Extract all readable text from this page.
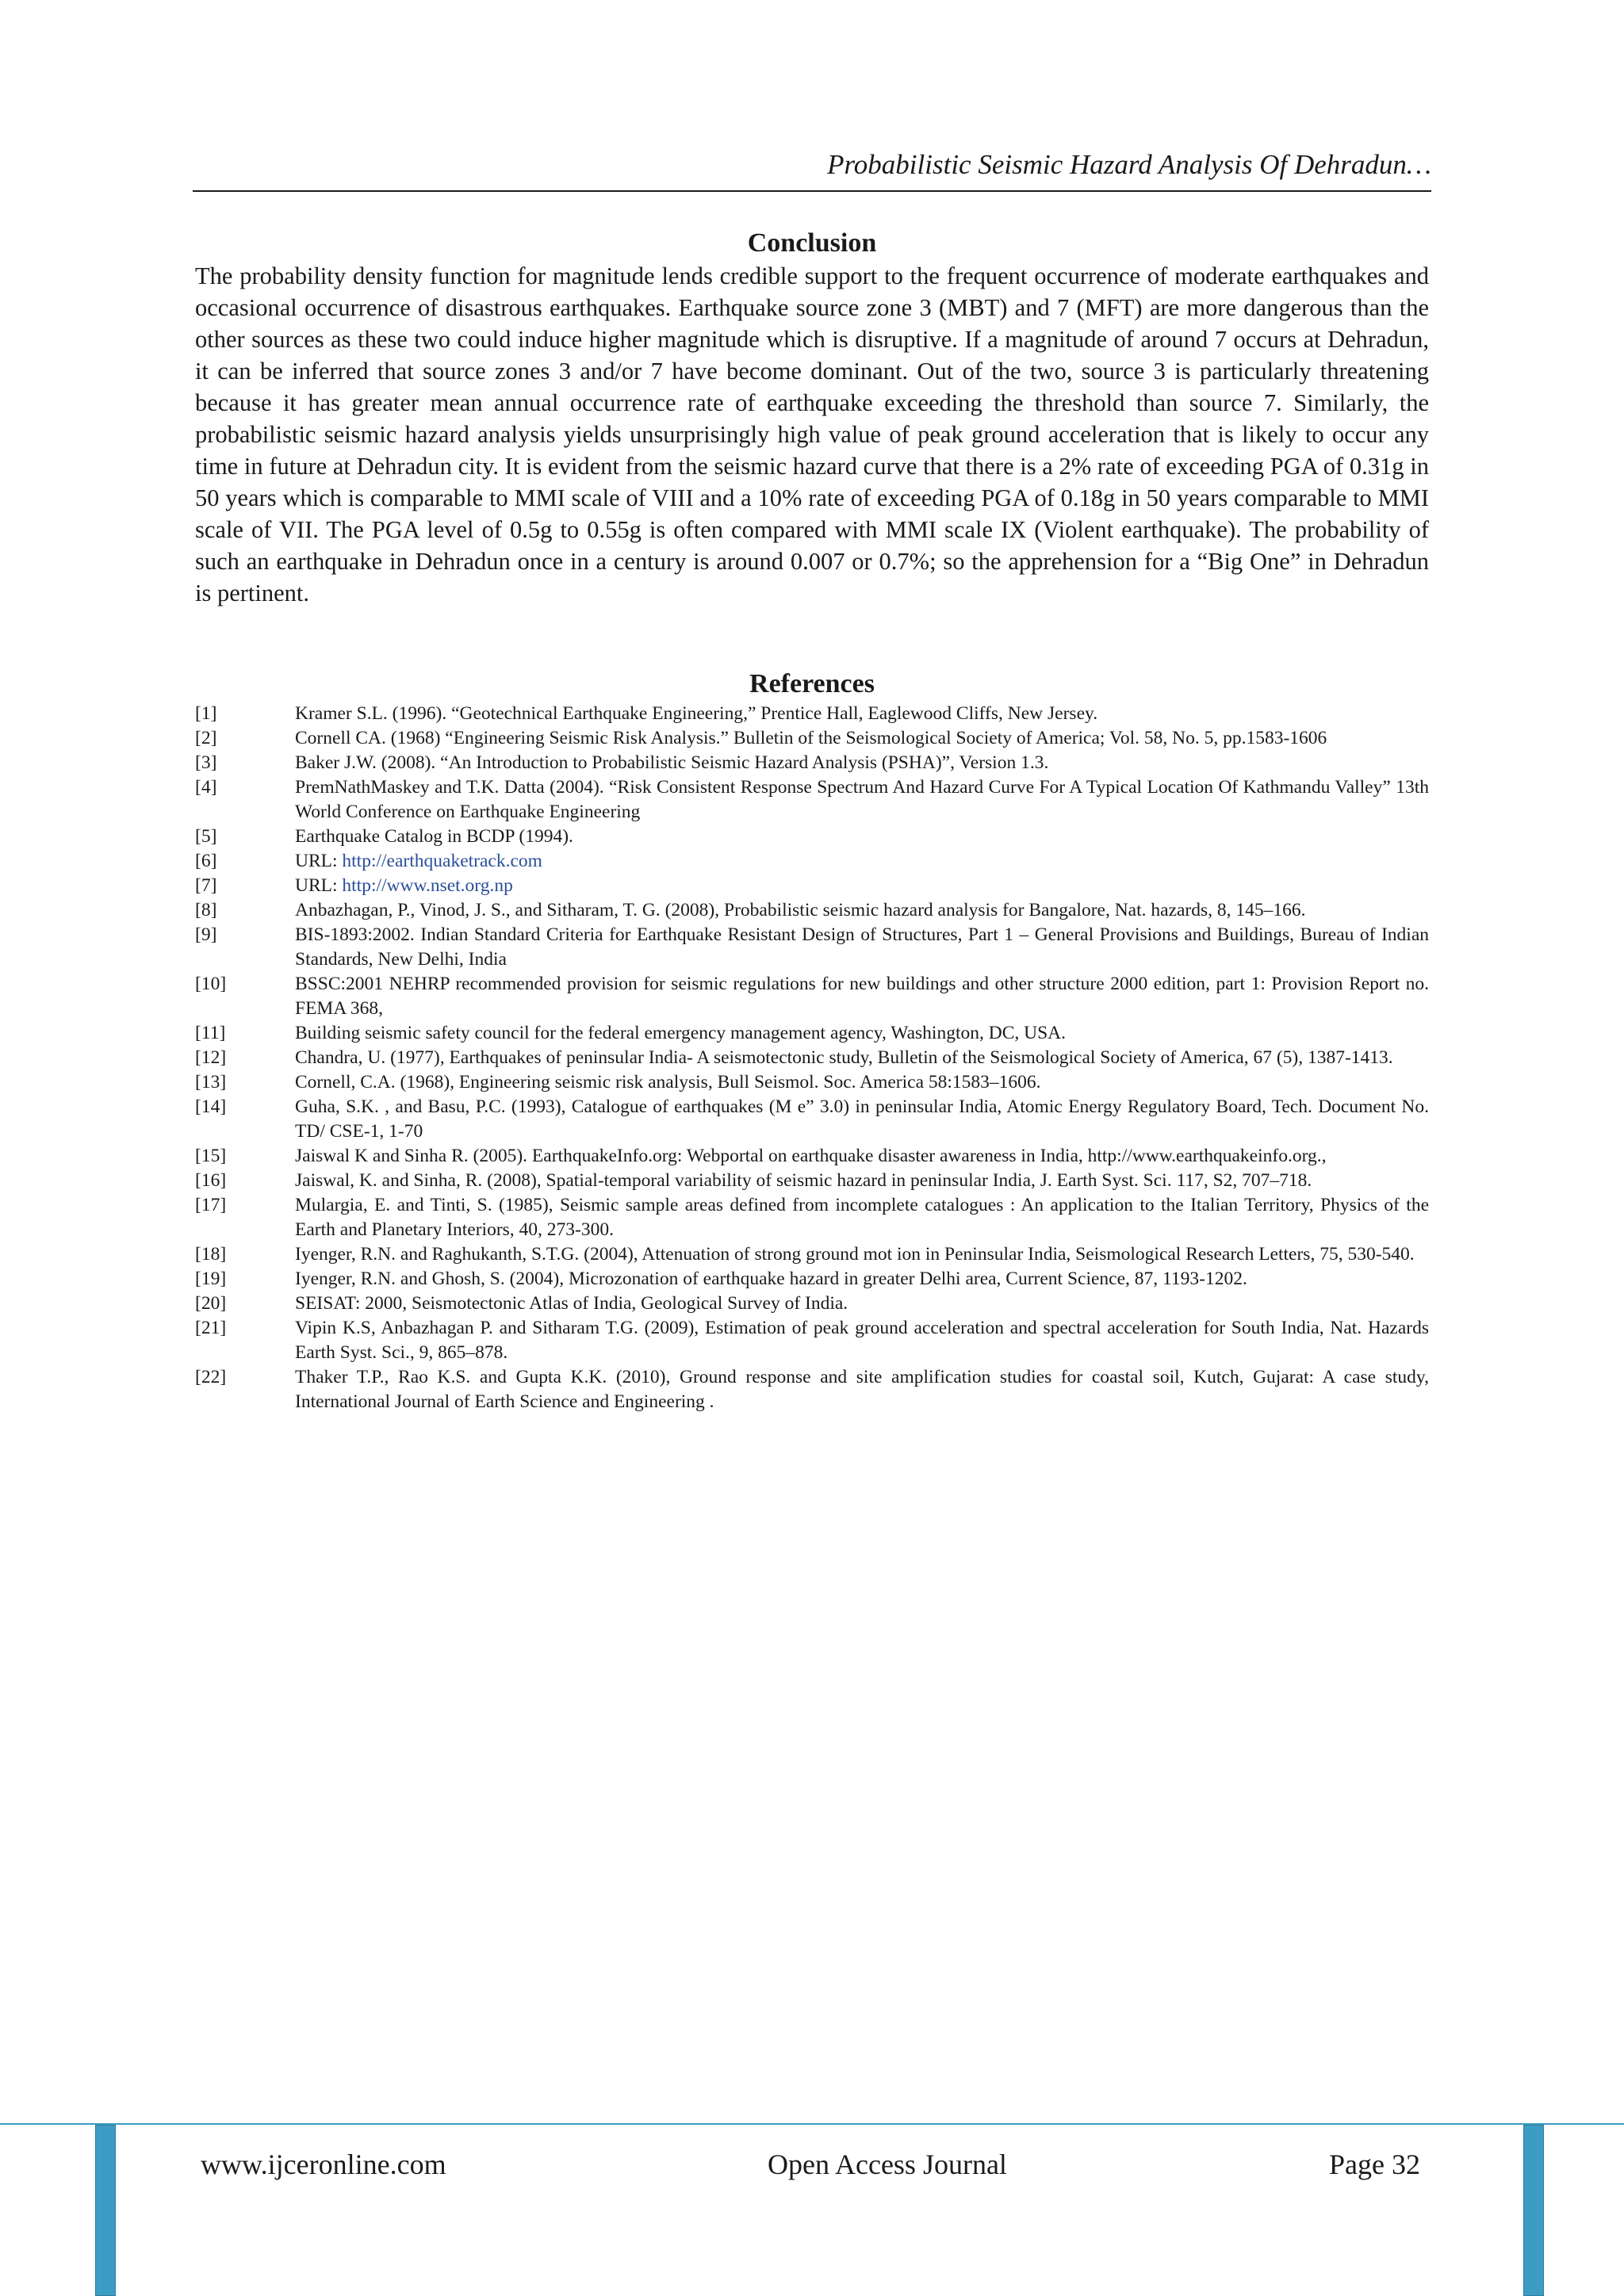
Probabilistic Seismic Hazard Analysis Of Dehradun…
Conclusion

The probability density function for magnitude lends credible support to the frequent occurrence of moderate earthquakes and occasional occurrence of disastrous earthquakes. Earthquake source zone 3 (MBT) and 7 (MFT) are more dangerous than the other sources as these two could induce higher magnitude which is disruptive. If a magnitude of around 7 occurs at Dehradun, it can be inferred that source zones 3 and/or 7 have become dominant. Out of the two, source 3 is particularly threatening because it has greater mean annual occurrence rate of earthquake exceeding the threshold than source 7. Similarly, the probabilistic seismic hazard analysis yields unsurprisingly high value of peak ground acceleration that is likely to occur any time in future at Dehradun city. It is evident from the seismic hazard curve that there is a 2% rate of exceeding PGA of 0.31g in 50 years which is comparable to MMI scale of VIII and a 10% rate of exceeding PGA of 0.18g in 50 years comparable to MMI scale of VII. The PGA level of 0.5g to 0.55g is often compared with MMI scale IX (Violent earthquake). The probability of such an earthquake in Dehradun once in a century is around 0.007 or 0.7%; so the apprehension for a “Big One” in Dehradun is pertinent.

References
[1]	Kramer S.L. (1996). “Geotechnical Earthquake Engineering,” Prentice Hall, Eaglewood Cliffs, New Jersey.
[2]	Cornell CA. (1968) “Engineering Seismic Risk Analysis.” Bulletin of the Seismological Society of America; Vol. 58, No. 5, pp.1583-1606
[3]	Baker J.W. (2008). “An Introduction to Probabilistic Seismic Hazard Analysis (PSHA)”, Version 1.3.
[4]	PremNathMaskey and T.K. Datta (2004). “Risk Consistent Response Spectrum And Hazard Curve For A Typical Location Of Kathmandu Valley” 13th World Conference on Earthquake Engineering
[5]	Earthquake Catalog in BCDP (1994).
[6]	URL: http://earthquaketrack.com
[7]	URL: http://www.nset.org.np
[8]	Anbazhagan, P., Vinod, J. S., and Sitharam, T. G. (2008), Probabilistic seismic hazard analysis for Bangalore, Nat. hazards, 8, 145–166.
[9]	BIS-1893:2002. Indian Standard Criteria for Earthquake Resistant Design of Structures, Part 1 – General Provisions and Buildings, Bureau of Indian Standards, New Delhi, India
[10]	BSSC:2001 NEHRP recommended provision for seismic regulations for new buildings and other structure 2000 edition, part 1: Provision Report no. FEMA 368,
[11]	Building seismic safety council for the federal emergency management agency, Washington, DC, USA.
[12]	Chandra, U. (1977), Earthquakes of peninsular India- A seismotectonic study, Bulletin of the Seismological Society of America, 67 (5), 1387-1413.
[13]	Cornell, C.A. (1968), Engineering seismic risk analysis, Bull Seismol. Soc. America 58:1583–1606.
[14]	Guha, S.K. , and Basu, P.C. (1993), Catalogue of earthquakes (M e” 3.0) in peninsular India, Atomic Energy Regulatory Board, Tech. Document No. TD/ CSE-1, 1-70
[15]	Jaiswal K and Sinha R. (2005). EarthquakeInfo.org: Webportal on earthquake disaster awareness in India, http://www.earthquakeinfo.org.,
[16]	Jaiswal, K. and Sinha, R. (2008), Spatial-temporal variability of seismic hazard in peninsular India, J. Earth Syst. Sci. 117, S2, 707–718.
[17]	Mulargia, E. and Tinti, S. (1985), Seismic sample areas defined from incomplete catalogues : An application to the Italian Territory, Physics of the Earth and Planetary Interiors, 40, 273-300.
[18]	Iyenger, R.N. and Raghukanth, S.T.G. (2004), Attenuation of strong ground mot ion in Peninsular India, Seismological Research Letters, 75, 530-540.
[19]	Iyenger, R.N. and Ghosh, S. (2004), Microzonation of earthquake hazard in greater Delhi area, Current Science, 87, 1193-1202.
[20]	SEISAT: 2000, Seismotectonic Atlas of India, Geological Survey of India.
[21]	Vipin K.S, Anbazhagan P. and Sitharam T.G. (2009), Estimation of peak ground acceleration and spectral acceleration for South India, Nat. Hazards Earth Syst. Sci., 9, 865–878.
[22]	Thaker T.P., Rao K.S. and Gupta K.K. (2010), Ground response and site amplification studies for coastal soil, Kutch, Gujarat: A case study, International Journal of Earth Science and Engineering .
www.ijceronline.com	Open Access Journal	Page 32
